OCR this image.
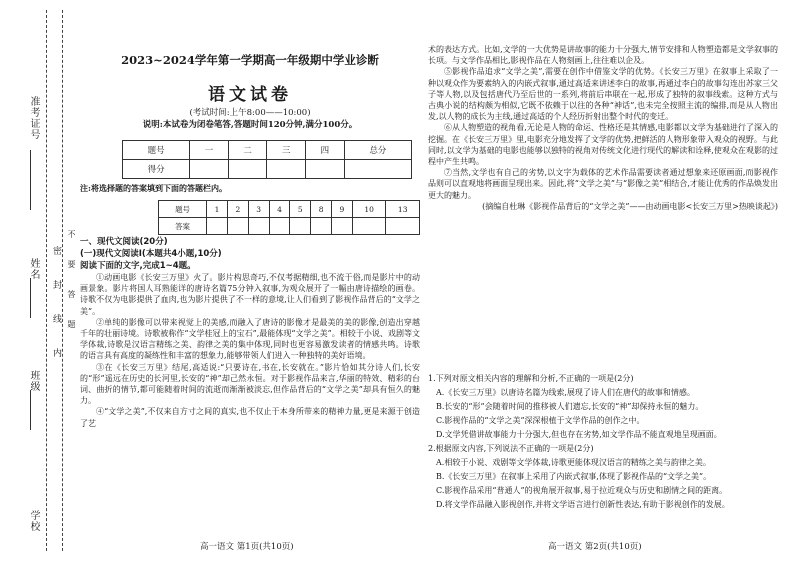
准考证号
姓名
班级
学校
密
封
线
内
不
要
答
题
2023~2024学年第一学期高一年级期中学业诊断
语文试卷
(考试时间:上午8:00——10:00)
说明:本试卷为闭卷笔答,答题时间120分钟,满分100分。
题号	一	二	三	四	总分
得分					
注:将选择题的答案填到下面的答题栏内。
题号	1	2	3	4	5	8	9	10	13
答案									
一、现代文阅读(20分)
(一)现代文阅读Ⅰ(本题共4小题,10分)
阅读下面的文字,完成1~4题。

①动画电影《长安三万里》火了。影片构思奇巧,不仅考据精细,也不流于俗,而是影片中的动画景象。影片将国人耳熟能详的唐诗名篇75分钟入叙事,为观众展开了一幅由唐诗描绘的画卷。诗歌不仅为电影提供了血肉,也为影片提供了不一样的意境,让人们看到了影视作品背后的“文学之美”。

②单纯的影像可以带来视觉上的美感,而融入了唐诗的影像才是最美的美的影像,创造出穿越千年的壮丽诗境。诗歌被称作“文学桂冠上的宝石”,最能体现“文学之美”。相较于小说、戏剧等文学体裁,诗歌是汉语言精练之美、韵律之美的集中体现,同时也更容易激发读者的情感共鸣。诗歌的语言具有高度的凝练性和丰富的想象力,能够带领人们进入一种独特的美好语境。

③在《长安三万里》结尾,高适说:“只要诗在,书在,长安就在。”影片恰如其分诗人们,长安的“形”遥远在历史的长河里,长安的“神”却己然永恒。对于影视作品来言,华丽的特效、精彩的台词、曲折的情节,都可能随着时间的流逝而渐渐被淡忘,但作品背后的“文学之美”却具有恒久的魅力。

④“文学之美”,不仅来自方寸之间的真实,也不仅止于本身所带来的精神力量,更是来源于创造了艺

高一语文 第1页(共10页)

术的表达方式。比如,文学的一大优势是讲故事的能力十分强大,情节安排和人物塑造都是文学叙事的长项。与文学作品相比,影视作品在人物刻画上,往往难以企及。

⑤影视作品追求“文学之美”,需要在创作中借鉴文学的优势。《长安三万里》在叙事上采取了一种以观众作为要素纳入的内嵌式叙事,通过高适来讲述李白的故事,再通过李白的故事勾连出苏家三父子等人物,以及包括唐代乃至后世的一系列,将前后串联在一起,形成了独特的叙事线索。这种方式与古典小说的结构颇为相似,它既不依赖于以往的各种“神话”,也未完全按照主流的编排,而是从人物出发,以人物的成长为主线,通过高适的个人经历折射出整个时代的变迁。

⑥从人物塑造的视角看,无论是人物的命运、性格还是其情感,电影都以文学为基础进行了深入的挖掘。在《长安三万里》里,电影充分地发挥了文学的优势,把鲜活的人物形象带入观众的视野。与此同时,以文学为基础的电影也能够以独特的视角对传统文化进行现代的解读和诠释,使观众在观影的过程中产生共鸣。

⑦当然,文学也有自己的劣势,以文字为载体的艺术作品需要读者通过想象来还原画面,而影视作品则可以直观地将画面呈现出来。因此,将“文学之美”与“影像之美”相结合,才能让优秀的作品焕发出更大的魅力。

(摘编自杜琳《影视作品背后的“文学之美”——由动画电影<长安三万里>热映谈起》)
1.下列对原文相关内容的理解和分析,不正确的一项是(2分)
A.《长安三万里》以唐诗名篇为线索,展现了诗人们在唐代的故事和情感。
B.长安的“形”会随着时间的推移被人们遗忘,长安的“神”却保持永恒的魅力。
C.影视作品的“文学之美”深深根植于文学作品的创作之中。
D.文学凭借讲故事能力十分强大,但也存在劣势,如文学作品不能直观地呈现画面。
2.根据原文内容,下列说法不正确的一项是(2分)
A.相较于小说、戏剧等文学体裁,诗歌更能体现汉语言的精练之美与韵律之美。
B.《长安三万里》在叙事上采用了内嵌式叙事,体现了影视作品的“文学之美”。
C.影视作品采用“普通人”的视角展开叙事,易于拉近观众与历史和剧情之间的距离。
D.将文学作品融入影视创作,并将文学语言进行创新性表达,有助于影视创作的发展。
高一语文 第2页(共10页)
